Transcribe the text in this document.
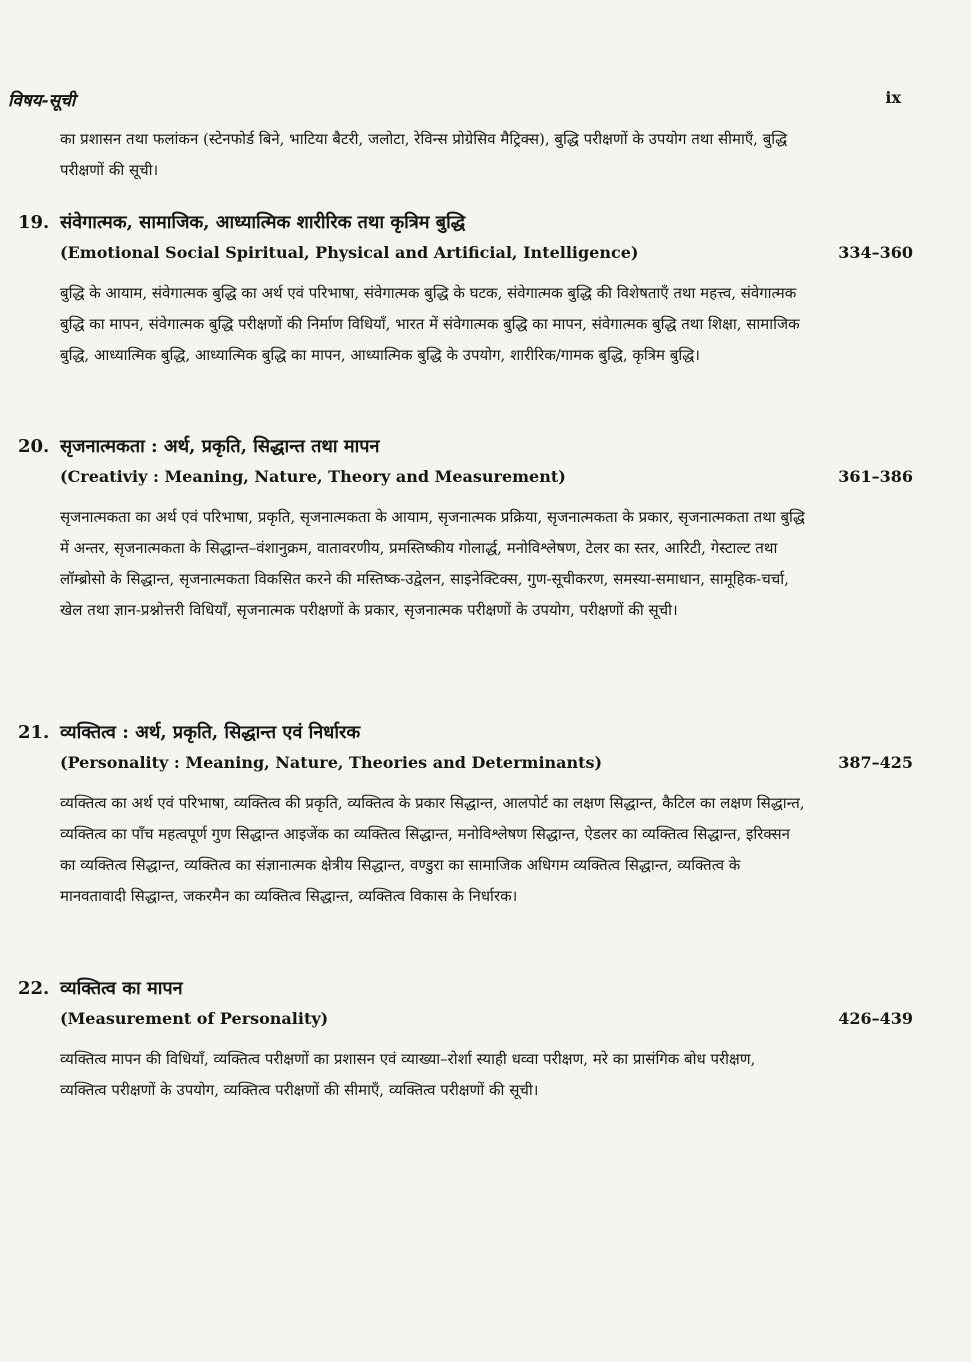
विषय-सूची	ix
का प्रशासन तथा फलांकन (स्टेनफोर्ड बिने, भाटिया बैटरी, जलोटा, रेविन्स प्रोग्रेसिव मैट्रिक्स), बुद्धि परीक्षणों के उपयोग तथा सीमाएँ, बुद्धि परीक्षणों की सूची।
19. संवेगात्मक, सामाजिक, आध्यात्मिक शारीरिक तथा कृत्रिम बुद्धि
(Emotional Social Spiritual, Physical and Artificial, Intelligence)	334–360
बुद्धि के आयाम, संवेगात्मक बुद्धि का अर्थ एवं परिभाषा, संवेगात्मक बुद्धि के घटक, संवेगात्मक बुद्धि की विशेषताएँ तथा महत्त्व, संवेगात्मक बुद्धि का मापन, संवेगात्मक बुद्धि परीक्षणों की निर्माण विधियाँ, भारत में संवेगात्मक बुद्धि का मापन, संवेगात्मक बुद्धि तथा शिक्षा, सामाजिक बुद्धि, आध्यात्मिक बुद्धि, आध्यात्मिक बुद्धि का मापन, आध्यात्मिक बुद्धि के उपयोग, शारीरिक/गामक बुद्धि, कृत्रिम बुद्धि।
20. सृजनात्मकता : अर्थ, प्रकृति, सिद्धान्त तथा मापन
(Creativiy : Meaning, Nature, Theory and Measurement)	361–386
सृजनात्मकता का अर्थ एवं परिभाषा, प्रकृति, सृजनात्मकता के आयाम, सृजनात्मक प्रक्रिया, सृजनात्मकता के प्रकार, सृजनात्मकता तथा बुद्धि में अन्तर, सृजनात्मकता के सिद्धान्त–वंशानुक्रम, वातावरणीय, प्रमस्तिष्कीय गोलार्द्ध, मनोविश्लेषण, टेलर का स्तर, आरिटी, गेस्टाल्ट तथा लॉम्ब्रोसो के सिद्धान्त, सृजनात्मकता विकसित करने की मस्तिष्क-उद्वेलन, साइनेक्टिक्स, गुण-सूचीकरण, समस्या-समाधान, सामूहिक-चर्चा, खेल तथा ज्ञान-प्रश्नोत्तरी विधियाँ, सृजनात्मक परीक्षणों के प्रकार, सृजनात्मक परीक्षणों के उपयोग, परीक्षणों की सूची।
21. व्यक्तित्व : अर्थ, प्रकृति, सिद्धान्त एवं निर्धारक
(Personality : Meaning, Nature, Theories and Determinants)	387–425
व्यक्तित्व का अर्थ एवं परिभाषा, व्यक्तित्व की प्रकृति, व्यक्तित्व के प्रकार सिद्धान्त, आलपोर्ट का लक्षण सिद्धान्त, कैटिल का लक्षण सिद्धान्त, व्यक्तित्व का पाँच महत्वपूर्ण गुण सिद्धान्त आइजेंक का व्यक्तित्व सिद्धान्त, मनोविश्लेषण सिद्धान्त, ऐडलर का व्यक्तित्व सिद्धान्त, इरिक्सन का व्यक्तित्व सिद्धान्त, व्यक्तित्व का संज्ञानात्मक क्षेत्रीय सिद्धान्त, वण्डुरा का सामाजिक अधिगम व्यक्तित्व सिद्धान्त, व्यक्तित्व के मानवतावादी सिद्धान्त, जकरमैन का व्यक्तित्व सिद्धान्त, व्यक्तित्व विकास के निर्धारक।
22. व्यक्तित्व का मापन
(Measurement of Personality)	426–439
व्यक्तित्व मापन की विधियाँ, व्यक्तित्व परीक्षणों का प्रशासन एवं व्याख्या–रोर्शा स्याही धव्वा परीक्षण, मरे का प्रासंगिक बोध परीक्षण, व्यक्तित्व परीक्षणों के उपयोग, व्यक्तित्व परीक्षणों की सीमाएँ, व्यक्तित्व परीक्षणों की सूची।
